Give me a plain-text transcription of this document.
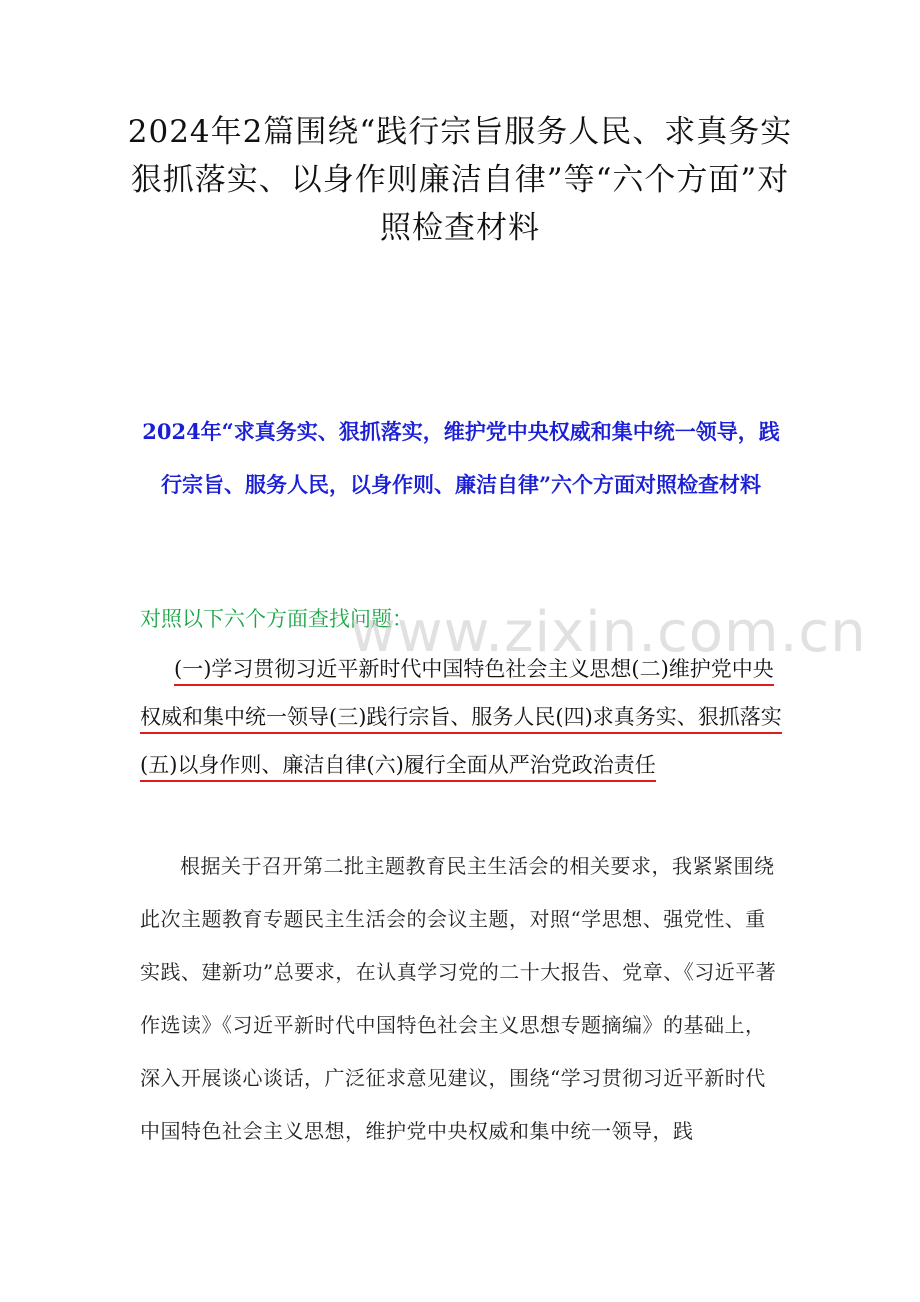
2024年2篇围绕“践行宗旨服务人民、求真务实狠抓落实、以身作则廉洁自律”等“六个方面”对照检查材料
2024年“求真务实、狠抓落实，维护党中央权威和集中统一领导，践行宗旨、服务人民，以身作则、廉洁自律”六个方面对照检查材料

对照以下六个方面查找问题：

www.zixin.com.cn

(一)学习贯彻习近平新时代中国特色社会主义思想(二)维护党中央权威和集中统一领导(三)践行宗旨、服务人民(四)求真务实、狠抓落实(五)以身作则、廉洁自律(六)履行全面从严治党政治责任

根据关于召开第二批主题教育民主生活会的相关要求，我紧紧围绕此次主题教育专题民主生活会的会议主题，对照“学思想、强党性、重实践、建新功”总要求，在认真学习党的二十大报告、党章、《习近平著作选读》《习近平新时代中国特色社会主义思想专题摘编》的基础上，深入开展谈心谈话，广泛征求意见建议，围绕“学习贯彻习近平新时代中国特色社会主义思想，维护党中央权威和集中统一领导，践
